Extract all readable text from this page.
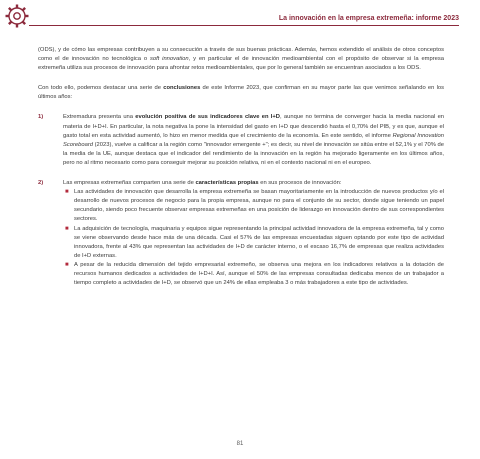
La innovación en la empresa extremeña: informe 2023

(ODS), y de cómo las empresas contribuyen a su consecución a través de sus buenas prácticas. Además, hemos extendido el análisis de otros conceptos como el de innovación no tecnológica o soft innovation, y en particular el de innovación medioambiental con el propósito de observar si la empresa extremeña utiliza sus procesos de innovación para afrontar retos medioambientales, que por lo general también se encuentran asociados a los ODS.

Con todo ello, podemos destacar una serie de conclusiones de este Informe 2023, que confirman en su mayor parte las que venimos señalando en los últimos años:

1)	Extremadura presenta una evolución positiva de sus indicadores clave en I+D, aunque no termina de converger hacia la media nacional en materia de I+D+I. En particular, la nota negativa la pone la intensidad del gasto en I+D que descendió hasta el 0,70% del PIB, y es que, aunque el gasto total en esta actividad aumentó, lo hizo en menor medida que el crecimiento de la economía. En este sentido, el informe Regional Innovation Scoreboard (2023), vuelve a calificar a la región como "innovador emergente +"; es decir, su nivel de innovación se sitúa entre el 52,1% y el 70% de la media de la UE, aunque destaca que el indicador del rendimiento de la innovación en la región ha mejorado ligeramente en los últimos años, pero no al ritmo necesario como para conseguir mejorar su posición relativa, ni en el contexto nacional ni en el europeo.

2)	Las empresas extremeñas comparten una serie de características propias en sus procesos de innovación:

■ Las actividades de innovación que desarrolla la empresa extremeña se basan mayoritariamente en la introducción de nuevos productos y/o el desarrollo de nuevos procesos de negocio para la propia empresa, aunque no para el conjunto de su sector, donde sigue teniendo un papel secundario, siendo poco frecuente observar empresas extremeñas en una posición de liderazgo en innovación dentro de sus correspondientes sectores.
■ La adquisición de tecnología, maquinaria y equipos sigue representando la principal actividad innovadora de la empresa extremeña, tal y como se viene observando desde hace más de una década. Casi el 57% de las empresas encuestadas siguen optando por este tipo de actividad innovadora, frente al 43% que representan las actividades de I+D de carácter interno, o el escaso 16,7% de empresas que realiza actividades de I+D externas.
■ A pesar de la reducida dimensión del tejido empresarial extremeño, se observa una mejora en los indicadores relativos a la dotación de recursos humanos dedicados a actividades de I+D+I. Así, aunque el 50% de las empresas consultadas dedicaba menos de un trabajador a tiempo completo a actividades de I+D, se observó que un 24% de ellas empleaba 3 o más trabajadores a este tipo de actividades.
81
